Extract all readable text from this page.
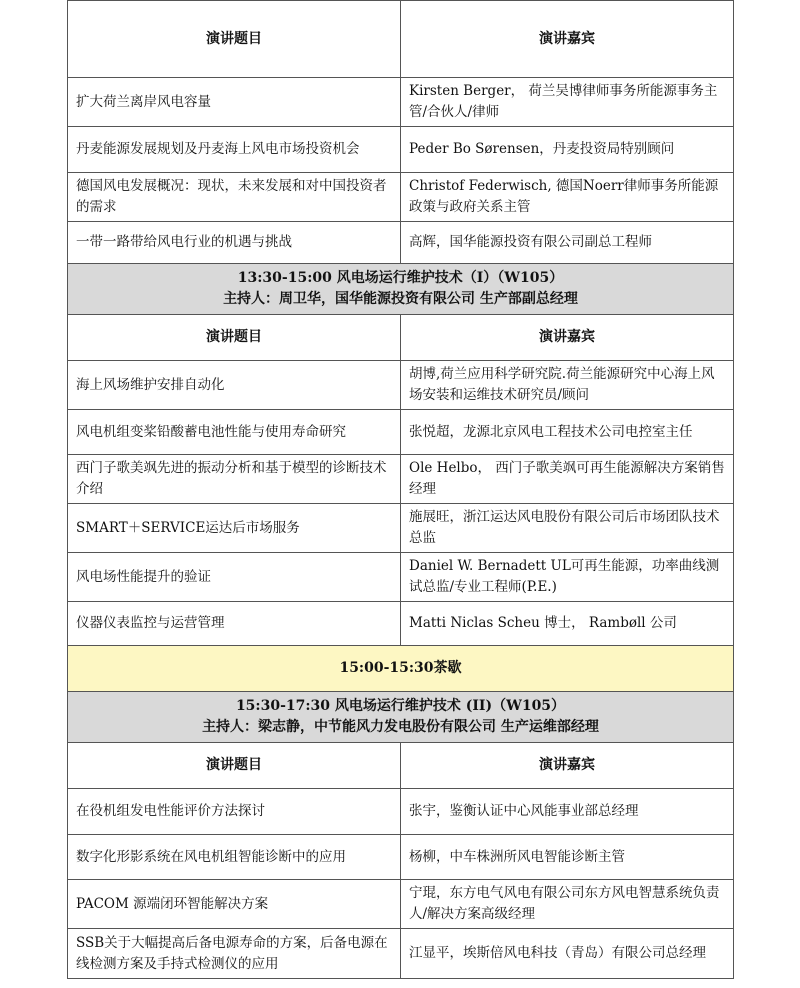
演讲题目	演讲嘉宾
扩大荷兰离岸风电容量	Kirsten Berger， 荷兰吴博律师事务所能源事务主管/合伙人/律师
丹麦能源发展规划及丹麦海上风电市场投资机会	Peder Bo Sørensen，丹麦投资局特别顾问
德国风电发展概况：现状，未来发展和对中国投资者的需求	Christof Federwisch, 德国Noerr律师事务所能源政策与政府关系主管
一带一路带给风电行业的机遇与挑战	高辉，国华能源投资有限公司副总工程师

13:30-15:00 风电场运行维护技术（I）（W105）
主持人：周卫华，国华能源投资有限公司 生产部副总经理	

演讲题目	演讲嘉宾
海上风场维护安排自动化	胡博,荷兰应用科学研究院.荷兰能源研究中心海上风场安装和运维技术研究员/顾问
风电机组变桨铅酸蓄电池性能与使用寿命研究	张悦超，龙源北京风电工程技术公司电控室主任
西门子歌美飒先进的振动分析和基于模型的诊断技术介绍	Ole Helbo， 西门子歌美飒可再生能源解决方案销售经理
SMART＋SERVICE运达后市场服务	施展旺，浙江运达风电股份有限公司后市场团队技术总监
风电场性能提升的验证	Daniel W. Bernadett UL可再生能源，功率曲线测试总监/专业工程师(P.E.)
仪器仪表监控与运营管理	Matti Niclas Scheu 博士， Rambøll 公司
15:00-15:30茶歇	

15:30-17:30 风电场运行维护技术 (II)（W105）
主持人：梁志静，中节能风力发电股份有限公司 生产运维部经理	

演讲题目	演讲嘉宾
在役机组发电性能评价方法探讨	张宇，鉴衡认证中心风能事业部总经理
数字化形影系统在风电机组智能诊断中的应用	杨柳，中车株洲所风电智能诊断主管
PACOM 源端闭环智能解决方案	宁琨，东方电气风电有限公司东方风电智慧系统负责人/解决方案高级经理
SSB关于大幅提高后备电源寿命的方案，后备电源在线检测方案及手持式检测仪的应用	江显平，埃斯倍风电科技（青岛）有限公司总经理
